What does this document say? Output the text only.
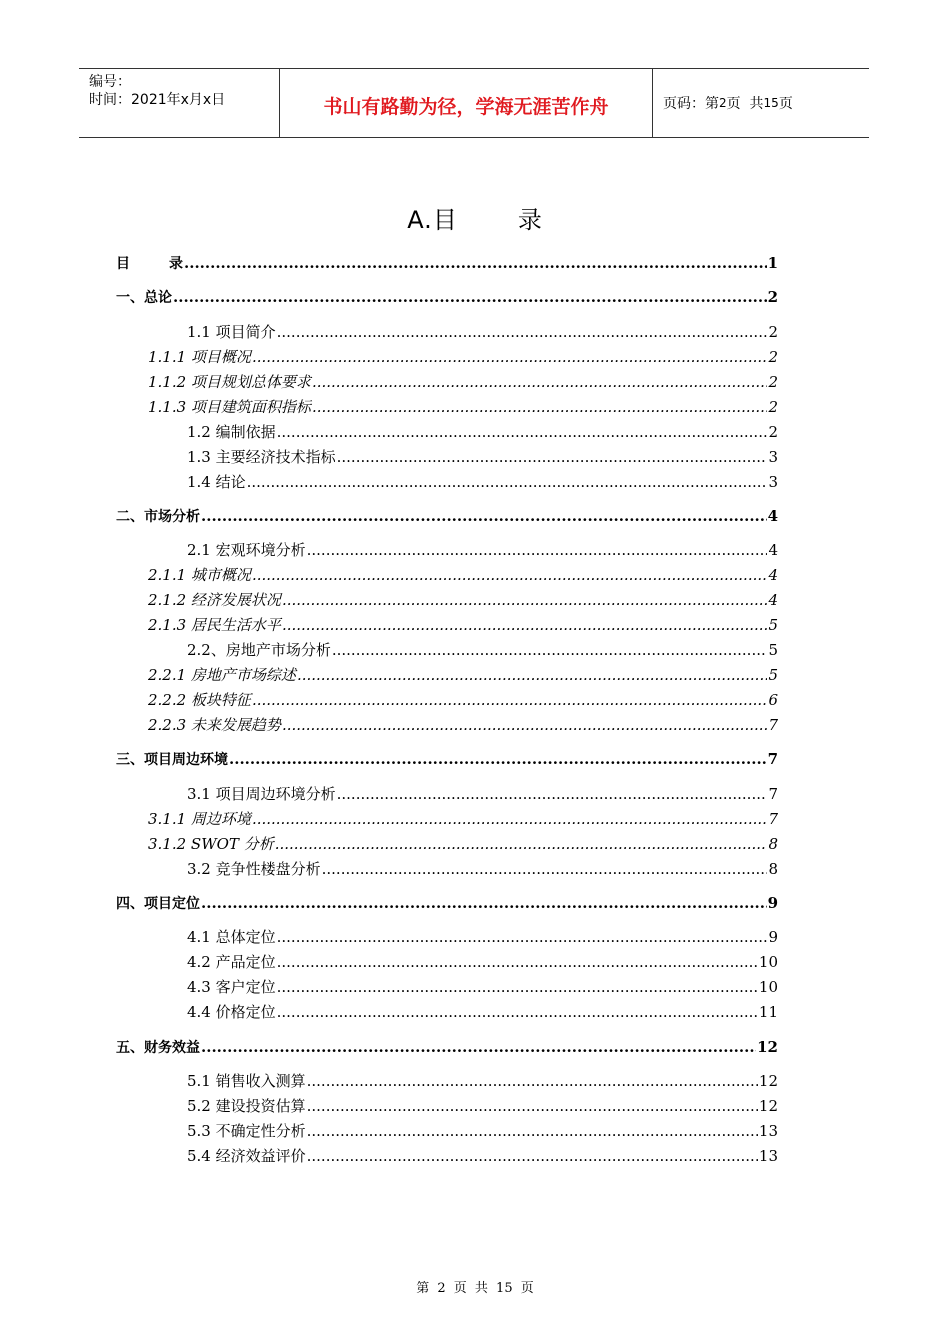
编号：
时间：2021年x月x日	书山有路勤为径，学海无涯苦作舟	页码：第 2 页  共 15 页
A.目	录
目        录 .....	1
一、总论 .....	2
1.1 项目简介 .....	2
1.1.1 项目概况 .....	2
1.1.2 项目规划总体要求 .....	2
1.1.3 项目建筑面积指标 .....	2
1.2 编制依据 .....	2
1.3 主要经济技术指标 .....	3
1.4 结论 .....	3
二、市场分析 .....	4
2.1 宏观环境分析 .....	4
2.1.1 城市概况 .....	4
2.1.2 经济发展状况 .....	4
2.1.3 居民生活水平 .....	5
2.2、房地产市场分析 .....	5
2.2.1 房地产市场综述 .....	5
2.2.2 板块特征 .....	6
2.2.3 未来发展趋势 .....	7
三、项目周边环境 .....	7
3.1 项目周边环境分析 .....	7
3.1.1 周边环境 .....	7
3.1.2 SWOT 分析 .....	8
3.2 竞争性楼盘分析 .....	8
四、项目定位 .....	9
4.1 总体定位 .....	9
4.2 产品定位 .....	10
4.3 客户定位 .....	10
4.4 价格定位 .....	11
五、财务效益 .....	12
5.1 销售收入测算 .....	12
5.2 建设投资估算 .....	12
5.3 不确定性分析 .....	13
5.4 经济效益评价 .....	13
第 2 页 共 15 页
